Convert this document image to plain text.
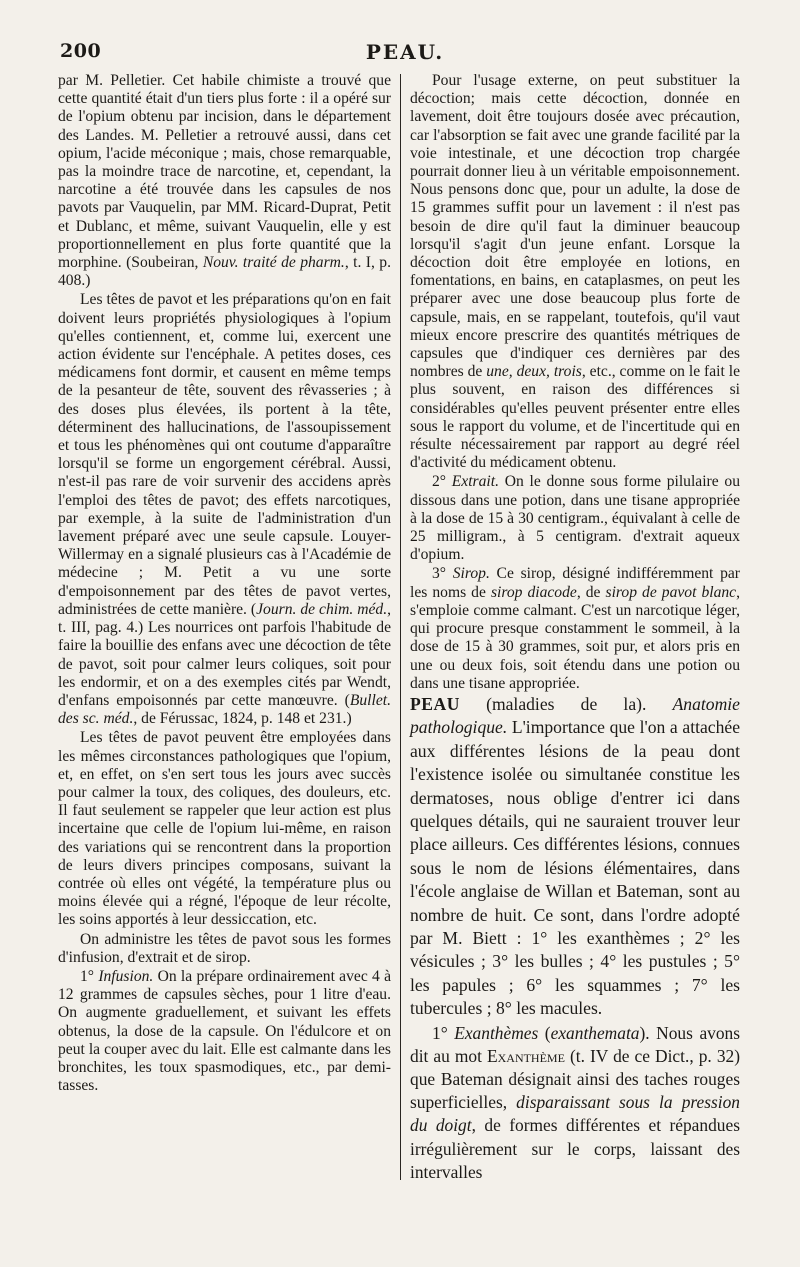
200	PEAU.

par M. Pelletier. Cet habile chimiste a trouvé que cette quantité était d'un tiers plus forte : il a opéré sur de l'opium obtenu par incision, dans le département des Landes. M. Pelletier a retrouvé aussi, dans cet opium, l'acide méconique ; mais, chose remarquable, pas la moindre trace de narcotine, et, cependant, la narcotine a été trouvée dans les capsules de nos pavots par Vauquelin, par MM. Ricard-Duprat, Petit et Dublanc, et même, suivant Vauquelin, elle y est proportionnellement en plus forte quantité que la morphine. (Soubeiran, Nouv. traité de pharm., t. I, p. 408.)

Les têtes de pavot et les préparations qu'on en fait doivent leurs propriétés physiologiques à l'opium qu'elles contiennent, et, comme lui, exercent une action évidente sur l'encéphale. A petites doses, ces médicamens font dormir, et causent en même temps de la pesanteur de tête, souvent des rêvasseries ; à des doses plus élevées, ils portent à la tête, déterminent des hallucinations, de l'assoupissement et tous les phénomènes qui ont coutume d'apparaître lorsqu'il se forme un engorgement cérébral. Aussi, n'est-il pas rare de voir survenir des accidens après l'emploi des têtes de pavot; des effets narcotiques, par exemple, à la suite de l'administration d'un lavement préparé avec une seule capsule. Louyer-Willermay en a signalé plusieurs cas à l'Académie de médecine ; M. Petit a vu une sorte d'empoisonnement par des têtes de pavot vertes, administrées de cette manière. (Journ. de chim. méd., t. III, pag. 4.) Les nourrices ont parfois l'habitude de faire la bouillie des enfans avec une décoction de tête de pavot, soit pour calmer leurs coliques, soit pour les endormir, et on a des exemples cités par Wendt, d'enfans empoisonnés par cette manœuvre. (Bullet. des sc. méd., de Férussac, 1824, p. 148 et 231.)

Les têtes de pavot peuvent être employées dans les mêmes circonstances pathologiques que l'opium, et, en effet, on s'en sert tous les jours avec succès pour calmer la toux, des coliques, des douleurs, etc. Il faut seulement se rappeler que leur action est plus incertaine que celle de l'opium lui-même, en raison des variations qui se rencontrent dans la proportion de leurs divers principes composans, suivant la contrée où elles ont végété, la température plus ou moins élevée qui a régné, l'époque de leur récolte, les soins apportés à leur dessiccation, etc.

On administre les têtes de pavot sous les formes d'infusion, d'extrait et de sirop.

1° Infusion. On la prépare ordinairement avec 4 à 12 grammes de capsules sèches, pour 1 litre d'eau. On augmente graduellement, et suivant les effets obtenus, la dose de la capsule. On l'édulcore et on peut la couper avec du lait. Elle est calmante dans les bronchites, les toux spasmodiques, etc., par demi-tasses.

Pour l'usage externe, on peut substituer la décoction; mais cette décoction, donnée en lavement, doit être toujours dosée avec précaution, car l'absorption se fait avec une grande facilité par la voie intestinale, et une décoction trop chargée pourrait donner lieu à un véritable empoisonnement. Nous pensons donc que, pour un adulte, la dose de 15 grammes suffit pour un lavement : il n'est pas besoin de dire qu'il faut la diminuer beaucoup lorsqu'il s'agit d'un jeune enfant. Lorsque la décoction doit être employée en lotions, en fomentations, en bains, en cataplasmes, on peut les préparer avec une dose beaucoup plus forte de capsule, mais, en se rappelant, toutefois, qu'il vaut mieux encore prescrire des quantités métriques de capsules que d'indiquer ces dernières par des nombres de une, deux, trois, etc., comme on le fait le plus souvent, en raison des différences si considérables qu'elles peuvent présenter entre elles sous le rapport du volume, et de l'incertitude qui en résulte nécessairement par rapport au degré réel d'activité du médicament obtenu.

2° Extrait. On le donne sous forme pilulaire ou dissous dans une potion, dans une tisane appropriée à la dose de 15 à 30 centigram., équivalant à celle de 25 milligram., à 5 centigram. d'extrait aqueux d'opium.

3° Sirop. Ce sirop, désigné indifféremment par les noms de sirop diacode, de sirop de pavot blanc, s'emploie comme calmant. C'est un narcotique léger, qui procure presque constamment le sommeil, à la dose de 15 à 30 grammes, soit pur, et alors pris en une ou deux fois, soit étendu dans une potion ou dans une tisane appropriée.

PEAU (maladies de la). Anatomie pathologique. L'importance que l'on a attachée aux différentes lésions de la peau dont l'existence isolée ou simultanée constitue les dermatoses, nous oblige d'entrer ici dans quelques détails, qui ne sauraient trouver leur place ailleurs. Ces différentes lésions, connues sous le nom de lésions élémentaires, dans l'école anglaise de Willan et Bateman, sont au nombre de huit. Ce sont, dans l'ordre adopté par M. Biett : 1° les exanthèmes ; 2° les vésicules ; 3° les bulles ; 4° les pustules ; 5° les papules ; 6° les squammes ; 7° les tubercules ; 8° les macules.

1° Exanthèmes (exanthemata). Nous avons dit au mot Exanthème (t. IV de ce Dict., p. 32) que Bateman désignait ainsi des taches rouges superficielles, disparaissant sous la pression du doigt, de formes différentes et répandues irrégulièrement sur le corps, laissant des intervalles
